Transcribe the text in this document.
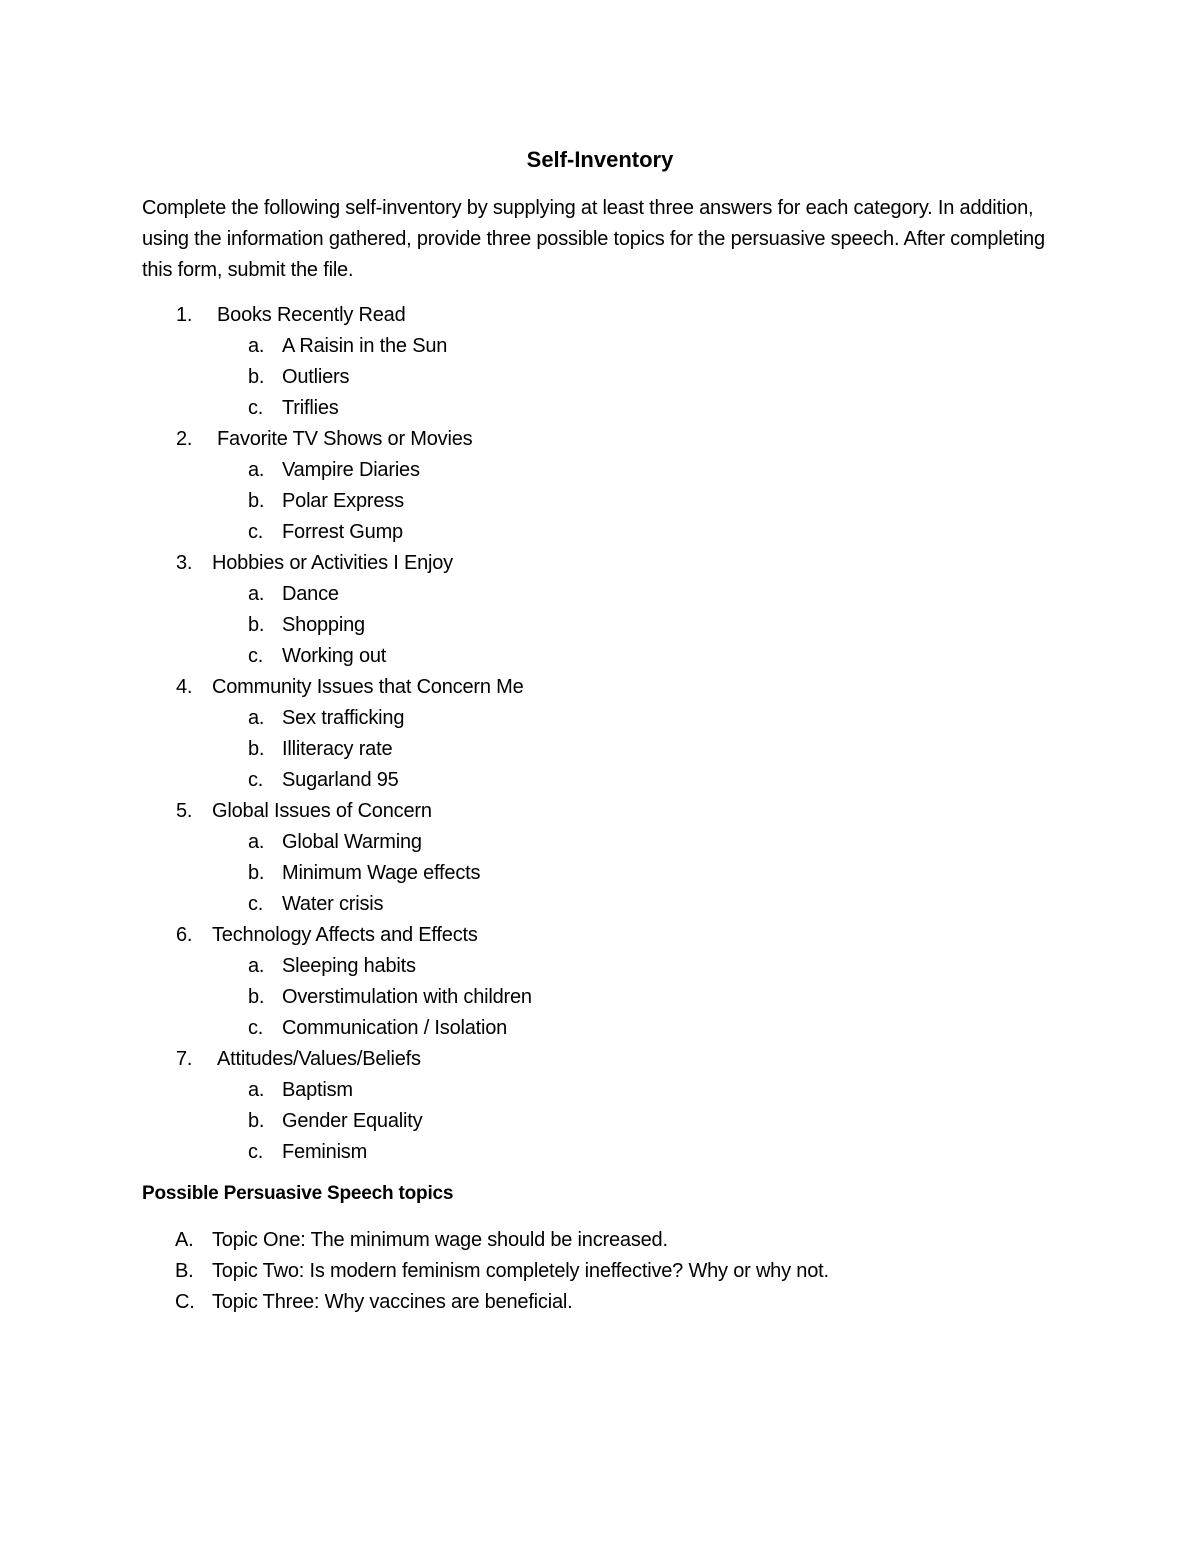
Self-Inventory
Complete the following self-inventory by supplying at least three answers for each category. In addition, using the information gathered, provide three possible topics for the persuasive speech. After completing this form, submit the file.
1. Books Recently Read
a. A Raisin in the Sun
b. Outliers
c. Triflies
2. Favorite TV Shows or Movies
a. Vampire Diaries
b. Polar Express
c. Forrest Gump
3. Hobbies or Activities I Enjoy
a. Dance
b. Shopping
c. Working out
4. Community Issues that Concern Me
a. Sex trafficking
b. Illiteracy rate
c. Sugarland 95
5. Global Issues of Concern
a. Global Warming
b. Minimum Wage effects
c. Water crisis
6. Technology Affects and Effects
a. Sleeping habits
b. Overstimulation with children
c. Communication / Isolation
7. Attitudes/Values/Beliefs
a. Baptism
b. Gender Equality
c. Feminism
Possible Persuasive Speech topics
A. Topic One: The minimum wage should be increased.
B. Topic Two: Is modern feminism completely ineffective? Why or why not.
C. Topic Three: Why vaccines are beneficial.
